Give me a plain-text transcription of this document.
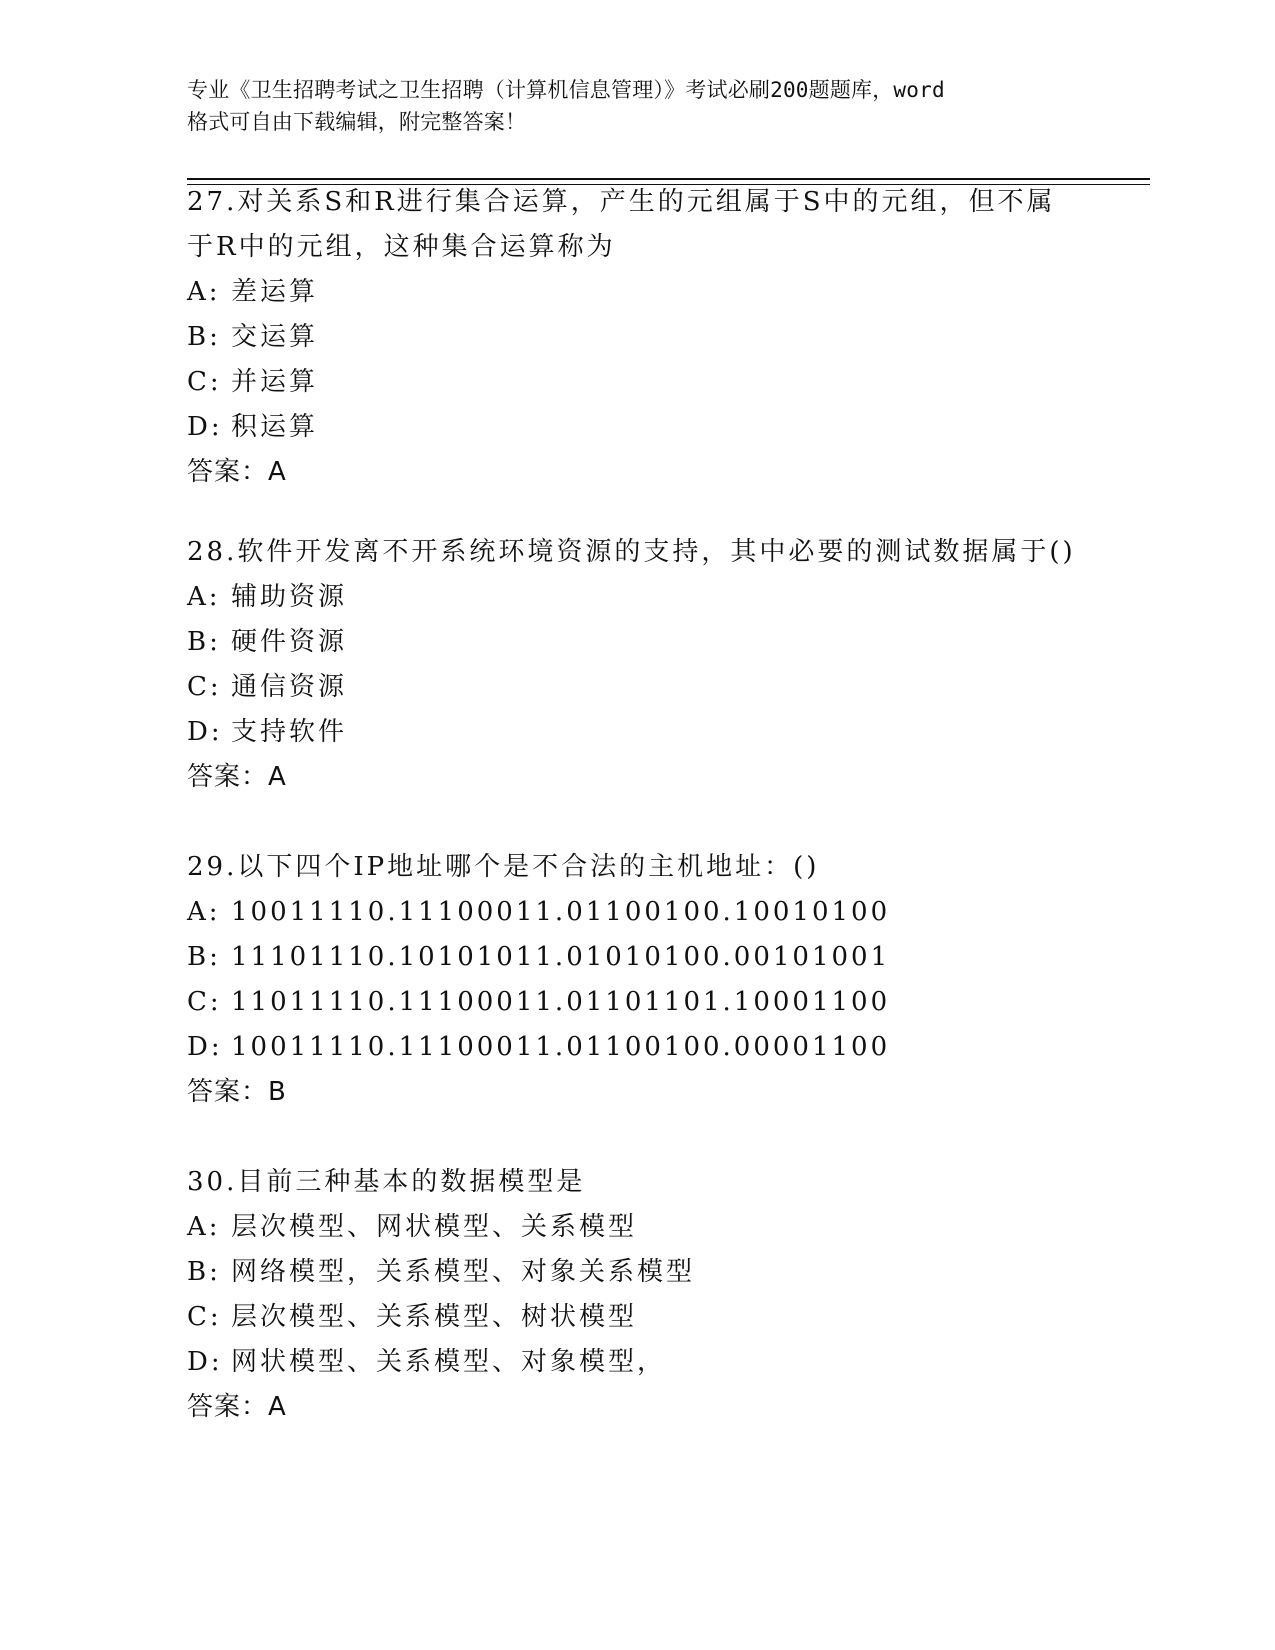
专业《卫生招聘考试之卫生招聘（计算机信息管理）》考试必刷200题题库，word
格式可自由下载编辑，附完整答案！
27.对关系S和R进行集合运算，产生的元组属于S中的元组，但不属
于R中的元组，这种集合运算称为
A: 差运算
B: 交运算
C: 并运算
D: 积运算
答案：A
28.软件开发离不开系统环境资源的支持，其中必要的测试数据属于()
A: 辅助资源
B: 硬件资源
C: 通信资源
D: 支持软件
答案：A
29.以下四个IP地址哪个是不合法的主机地址：()
A: 10011110.11100011.01100100.10010100
B: 11101110.10101011.01010100.00101001
C: 11011110.11100011.01101101.10001100
D: 10011110.11100011.01100100.00001100
答案：B
30.目前三种基本的数据模型是
A: 层次模型、网状模型、关系模型
B: 网络模型，关系模型、对象关系模型
C: 层次模型、关系模型、树状模型
D: 网状模型、关系模型、对象模型，
答案：A
